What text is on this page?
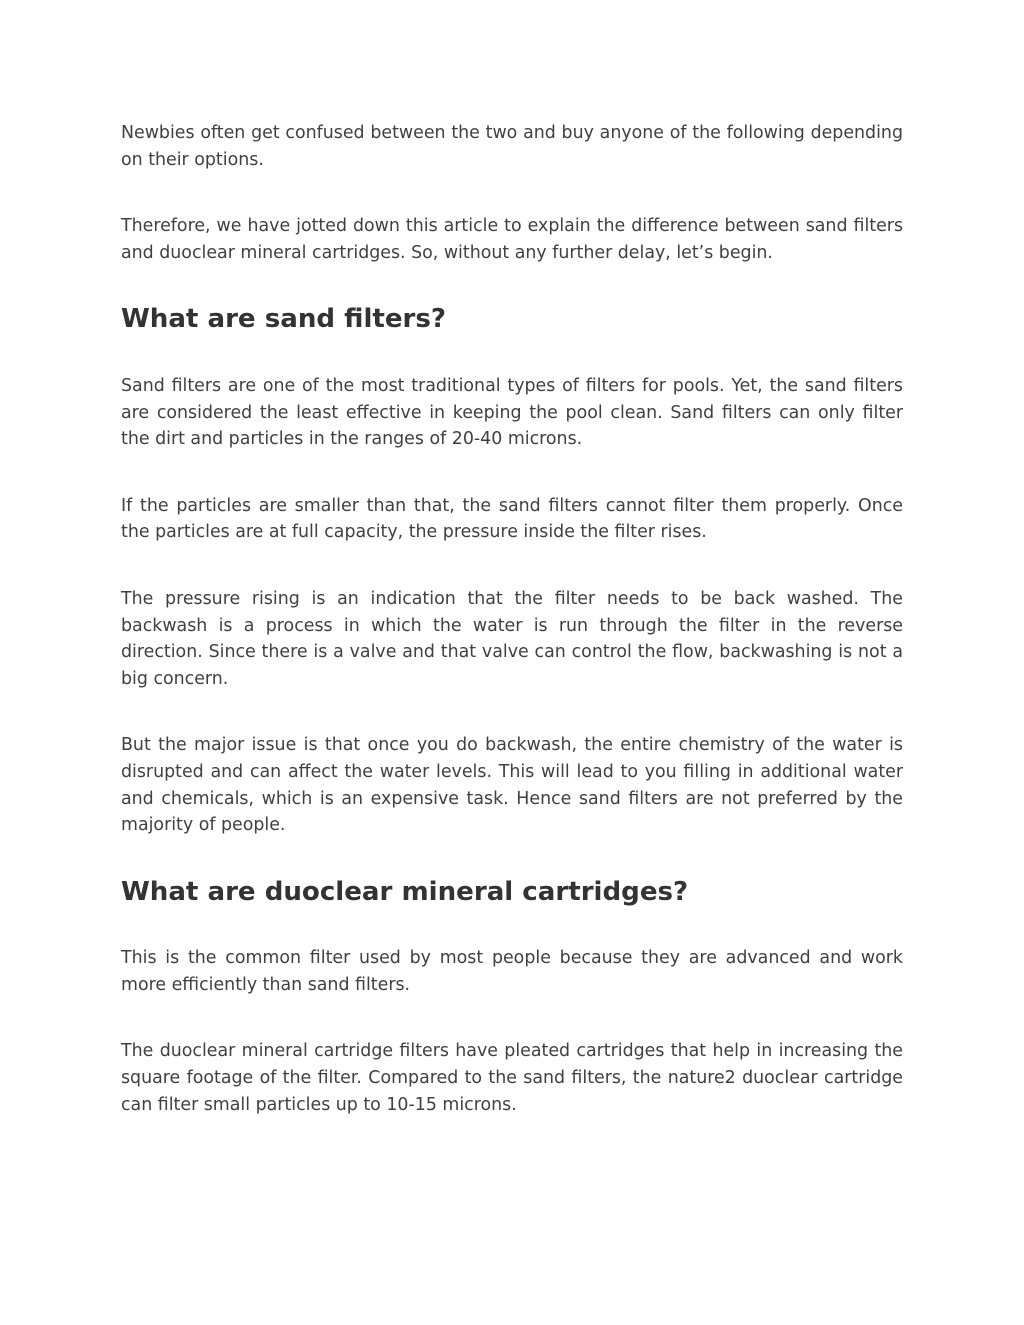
Newbies often get confused between the two and buy anyone of the following depending on their options.

Therefore, we have jotted down this article to explain the difference between sand filters and duoclear mineral cartridges. So, without any further delay, let’s begin.

What are sand filters?

Sand filters are one of the most traditional types of filters for pools. Yet, the sand filters are considered the least effective in keeping the pool clean. Sand filters can only filter the dirt and particles in the ranges of 20-40 microns.

If the particles are smaller than that, the sand filters cannot filter them properly. Once the particles are at full capacity, the pressure inside the filter rises.

The pressure rising is an indication that the filter needs to be back washed. The backwash is a process in which the water is run through the filter in the reverse direction. Since there is a valve and that valve can control the flow, backwashing is not a big concern.

But the major issue is that once you do backwash, the entire chemistry of the water is disrupted and can affect the water levels. This will lead to you filling in additional water and chemicals, which is an expensive task. Hence sand filters are not preferred by the majority of people.

What are duoclear mineral cartridges?

This is the common filter used by most people because they are advanced and work more efficiently than sand filters.

The duoclear mineral cartridge filters have pleated cartridges that help in increasing the square footage of the filter. Compared to the sand filters, the nature2 duoclear cartridge can filter small particles up to 10-15 microns.
